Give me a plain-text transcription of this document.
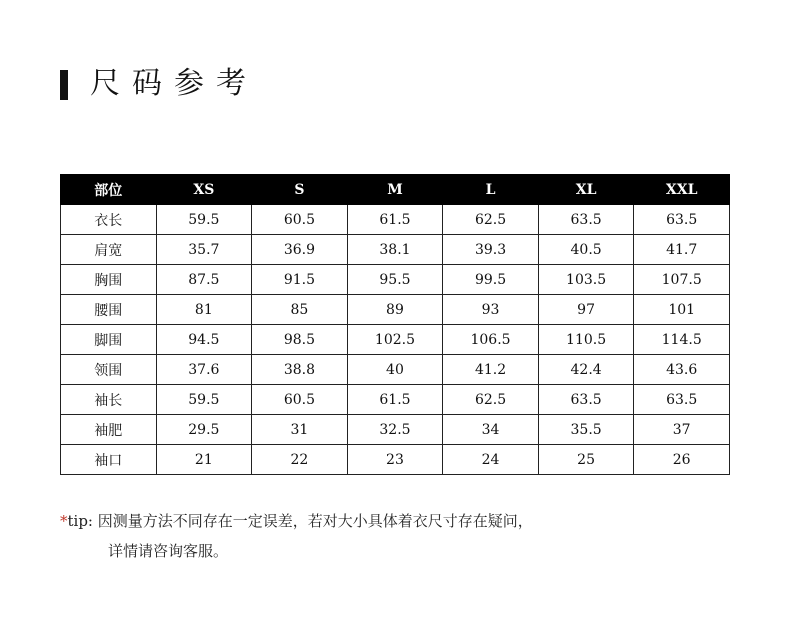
尺码参考
部位	XS	S	M	L	XL	XXL
衣长	59.5	60.5	61.5	62.5	63.5	63.5
肩宽	35.7	36.9	38.1	39.3	40.5	41.7
胸围	87.5	91.5	95.5	99.5	103.5	107.5
腰围	81	85	89	93	97	101
脚围	94.5	98.5	102.5	106.5	110.5	114.5
领围	37.6	38.8	40	41.2	42.4	43.6
袖长	59.5	60.5	61.5	62.5	63.5	63.5
袖肥	29.5	31	32.5	34	35.5	37
袖口	21	22	23	24	25	26
*tip: 因测量方法不同存在一定误差，若对大小具体着衣尺寸存在疑问，
详情请咨询客服。
